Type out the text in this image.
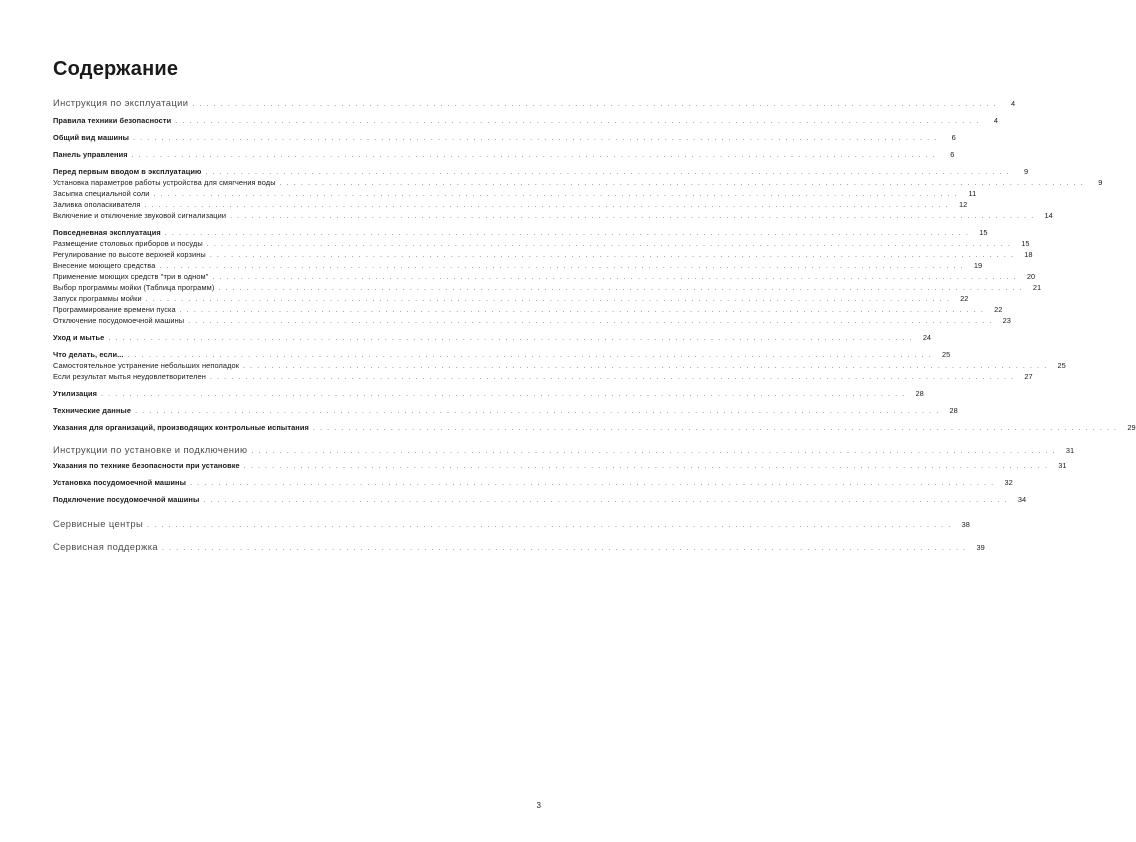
Содержание
Инструкция по эксплуатации . . . . . . . . . . . . . . . . . . . . . . . . . . . . . . . . . . . . . . . . . . . . . . . . . . . . . . . . . . . . . . . . . . . . . . . . . . . . . . . . . . . . . . . . . . . . . . . . . . . . . . . . . . . . . . . . . .	4
Правила техники безопасности . . . . . . . . . . . . . . . . . . . . . . . . . . . . . . . . . . . . . . . . . . . . . . . . . . . . . . . . . . . . . . . . . . . . . . . . . . . . . . . . . . . . . . . . . . . . . . . . . . . . . . . . . . . . . . . . . .	4
Общий вид машины . . . . . . . . . . . . . . . . . . . . . . . . . . . . . . . . . . . . . . . . . . . . . . . . . . . . . . . . . . . . . . . . . . . . . . . . . . . . . . . . . . . . . . . . . . . . . . . . . . . . . . . . . . . . . . . . . .	6
Панель управления . . . . . . . . . . . . . . . . . . . . . . . . . . . . . . . . . . . . . . . . . . . . . . . . . . . . . . . . . . . . . . . . . . . . . . . . . . . . . . . . . . . . . . . . . . . . . . . . . . . . . . . . . . . . . . . . . .	6
Перед первым вводом в эксплуатацию . . . . . . . . . . . . . . . . . . . . . . . . . . . . . . . . . . . . . . . . . . . . . . . . . . . . . . . . . . . . . . . . . . . . . . . . . . . . . . . . . . . . . . . . . . . . . . . . . . . . . . . . . . . . . . . . . .	9
Установка параметров работы устройства для смягчения воды . . . . . . . . . . . . . . . . . . . . . . . . . . . . . . . . . . . . . . . . . . . . . . . . . . . . . . . . . . . . . . . . . . . . . . . . . . . . . . . . . . . . . . . . . . . . . . . . . . . . . . . . . . . . . . . . . .	9
Засыпка специальной соли . . . . . . . . . . . . . . . . . . . . . . . . . . . . . . . . . . . . . . . . . . . . . . . . . . . . . . . . . . . . . . . . . . . . . . . . . . . . . . . . . . . . . . . . . . . . . . . . . . . . . . . . . . . . . . . . . .	11
Заливка ополаскивателя . . . . . . . . . . . . . . . . . . . . . . . . . . . . . . . . . . . . . . . . . . . . . . . . . . . . . . . . . . . . . . . . . . . . . . . . . . . . . . . . . . . . . . . . . . . . . . . . . . . . . . . . . . . . . . . . . .	12
Включение и отключение звуковой сигнализации . . . . . . . . . . . . . . . . . . . . . . . . . . . . . . . . . . . . . . . . . . . . . . . . . . . . . . . . . . . . . . . . . . . . . . . . . . . . . . . . . . . . . . . . . . . . . . . . . . . . . . . . . . . . . . . . . .	14
Повседневная эксплуатация . . . . . . . . . . . . . . . . . . . . . . . . . . . . . . . . . . . . . . . . . . . . . . . . . . . . . . . . . . . . . . . . . . . . . . . . . . . . . . . . . . . . . . . . . . . . . . . . . . . . . . . . . . . . . . . . . .	15
Размещение столовых приборов и посуды . . . . . . . . . . . . . . . . . . . . . . . . . . . . . . . . . . . . . . . . . . . . . . . . . . . . . . . . . . . . . . . . . . . . . . . . . . . . . . . . . . . . . . . . . . . . . . . . . . . . . . . . . . . . . . . . . .	15
Регулирование по высоте верхней корзины . . . . . . . . . . . . . . . . . . . . . . . . . . . . . . . . . . . . . . . . . . . . . . . . . . . . . . . . . . . . . . . . . . . . . . . . . . . . . . . . . . . . . . . . . . . . . . . . . . . . . . . . . . . . . . . . . .	18
Внесение моющего средства . . . . . . . . . . . . . . . . . . . . . . . . . . . . . . . . . . . . . . . . . . . . . . . . . . . . . . . . . . . . . . . . . . . . . . . . . . . . . . . . . . . . . . . . . . . . . . . . . . . . . . . . . . . . . . . . . .	19
Применение моющих средств "три в одном" . . . . . . . . . . . . . . . . . . . . . . . . . . . . . . . . . . . . . . . . . . . . . . . . . . . . . . . . . . . . . . . . . . . . . . . . . . . . . . . . . . . . . . . . . . . . . . . . . . . . . . . . . . . . . . . . . .	20
Выбор программы мойки (Таблица программ) . . . . . . . . . . . . . . . . . . . . . . . . . . . . . . . . . . . . . . . . . . . . . . . . . . . . . . . . . . . . . . . . . . . . . . . . . . . . . . . . . . . . . . . . . . . . . . . . . . . . . . . . . . . . . . . . . .	21
Запуск программы мойки . . . . . . . . . . . . . . . . . . . . . . . . . . . . . . . . . . . . . . . . . . . . . . . . . . . . . . . . . . . . . . . . . . . . . . . . . . . . . . . . . . . . . . . . . . . . . . . . . . . . . . . . . . . . . . . . . .	22
Программирование времени пуска . . . . . . . . . . . . . . . . . . . . . . . . . . . . . . . . . . . . . . . . . . . . . . . . . . . . . . . . . . . . . . . . . . . . . . . . . . . . . . . . . . . . . . . . . . . . . . . . . . . . . . . . . . . . . . . . . .	22
Отключение посудомоечной машины . . . . . . . . . . . . . . . . . . . . . . . . . . . . . . . . . . . . . . . . . . . . . . . . . . . . . . . . . . . . . . . . . . . . . . . . . . . . . . . . . . . . . . . . . . . . . . . . . . . . . . . . . . . . . . . . . .	23
Уход и мытье . . . . . . . . . . . . . . . . . . . . . . . . . . . . . . . . . . . . . . . . . . . . . . . . . . . . . . . . . . . . . . . . . . . . . . . . . . . . . . . . . . . . . . . . . . . . . . . . . . . . . . . . . . . . . . . . . .	24
Что делать, если... . . . . . . . . . . . . . . . . . . . . . . . . . . . . . . . . . . . . . . . . . . . . . . . . . . . . . . . . . . . . . . . . . . . . . . . . . . . . . . . . . . . . . . . . . . . . . . . . . . . . . . . . . . . . . . . . . .	25
Самостоятельное устранение небольших неполадок . . . . . . . . . . . . . . . . . . . . . . . . . . . . . . . . . . . . . . . . . . . . . . . . . . . . . . . . . . . . . . . . . . . . . . . . . . . . . . . . . . . . . . . . . . . . . . . . . . . . . . . . . . . . . . . . . .	25
Если результат мытья неудовлетворителен . . . . . . . . . . . . . . . . . . . . . . . . . . . . . . . . . . . . . . . . . . . . . . . . . . . . . . . . . . . . . . . . . . . . . . . . . . . . . . . . . . . . . . . . . . . . . . . . . . . . . . . . . . . . . . . . . .	27
Утилизация . . . . . . . . . . . . . . . . . . . . . . . . . . . . . . . . . . . . . . . . . . . . . . . . . . . . . . . . . . . . . . . . . . . . . . . . . . . . . . . . . . . . . . . . . . . . . . . . . . . . . . . . . . . . . . . . . .	28
Технические данные . . . . . . . . . . . . . . . . . . . . . . . . . . . . . . . . . . . . . . . . . . . . . . . . . . . . . . . . . . . . . . . . . . . . . . . . . . . . . . . . . . . . . . . . . . . . . . . . . . . . . . . . . . . . . . . . . .	28
Указания для организаций, производящих контрольные испытания . . . . . . . . . . . . . . . . . . . . . . . . . . . . . . . . . . . . . . . . . . . . . . . . . . . . . . . . . . . . . . . . . . . . . . . . . . . . . . . . . . . . . . . . . . . . . . . . . . . . . . . . . . . . . . . . . .	29
Инструкции по установке и подключению . . . . . . . . . . . . . . . . . . . . . . . . . . . . . . . . . . . . . . . . . . . . . . . . . . . . . . . . . . . . . . . . . . . . . . . . . . . . . . . . . . . . . . . . . . . . . . . . . . . . . . . . . . . . . . . . . .	31
Указания по технике безопасности при установке . . . . . . . . . . . . . . . . . . . . . . . . . . . . . . . . . . . . . . . . . . . . . . . . . . . . . . . . . . . . . . . . . . . . . . . . . . . . . . . . . . . . . . . . . . . . . . . . . . . . . . . . . . . . . . . . . .	31
Установка посудомоечной машины . . . . . . . . . . . . . . . . . . . . . . . . . . . . . . . . . . . . . . . . . . . . . . . . . . . . . . . . . . . . . . . . . . . . . . . . . . . . . . . . . . . . . . . . . . . . . . . . . . . . . . . . . . . . . . . . . .	32
Подключение посудомоечной машины . . . . . . . . . . . . . . . . . . . . . . . . . . . . . . . . . . . . . . . . . . . . . . . . . . . . . . . . . . . . . . . . . . . . . . . . . . . . . . . . . . . . . . . . . . . . . . . . . . . . . . . . . . . . . . . . . .	34
Сервисные центры . . . . . . . . . . . . . . . . . . . . . . . . . . . . . . . . . . . . . . . . . . . . . . . . . . . . . . . . . . . . . . . . . . . . . . . . . . . . . . . . . . . . . . . . . . . . . . . . . . . . . . . . . . . . . . . . . .	38
Сервисная поддержка . . . . . . . . . . . . . . . . . . . . . . . . . . . . . . . . . . . . . . . . . . . . . . . . . . . . . . . . . . . . . . . . . . . . . . . . . . . . . . . . . . . . . . . . . . . . . . . . . . . . . . . . . . . . . . . . . .	39
3
